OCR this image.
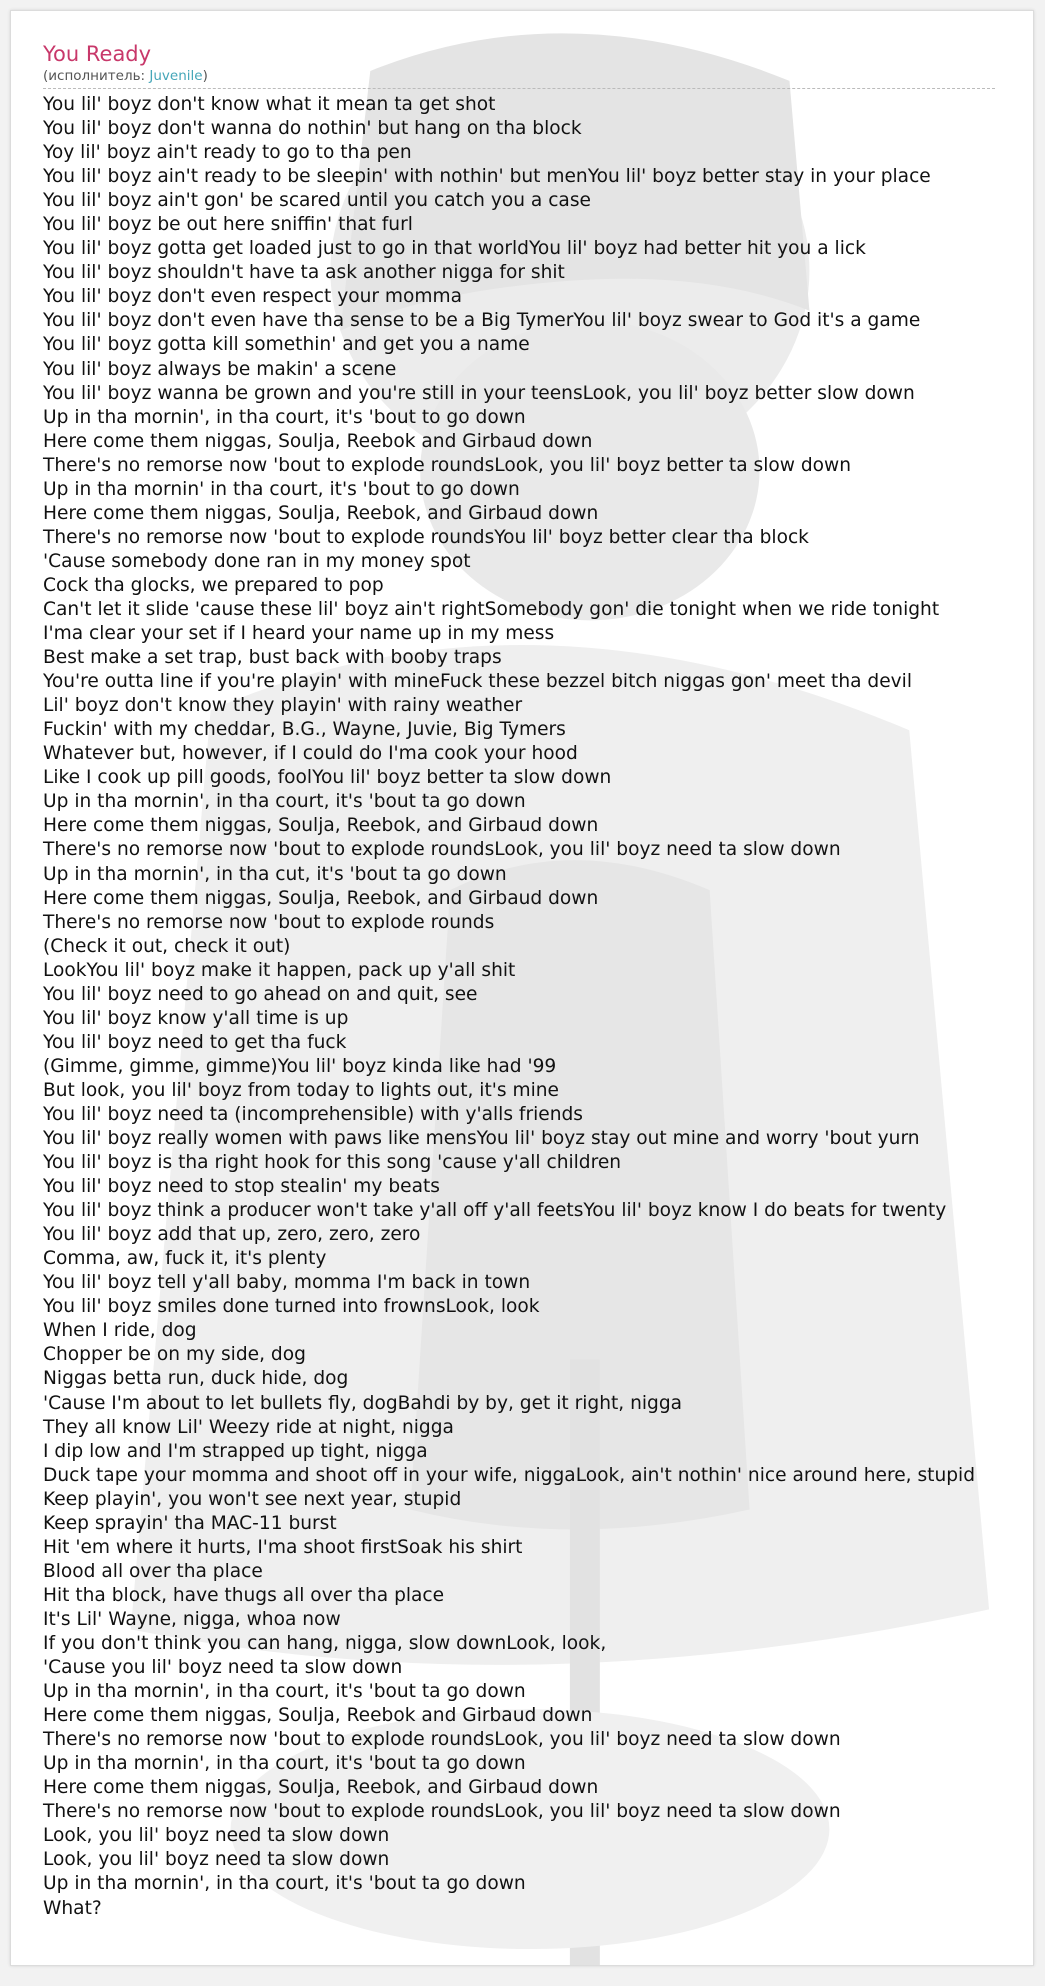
You Ready
(исполнитель: Juvenile)
You lil' boyz don't know what it mean ta get shot
You lil' boyz don't wanna do nothin' but hang on tha block
Yoy lil' boyz ain't ready to go to tha pen
You lil' boyz ain't ready to be sleepin' with nothin' but menYou lil' boyz better stay in your place
You lil' boyz ain't gon' be scared until you catch you a case
You lil' boyz be out here sniffin' that furl
You lil' boyz gotta get loaded just to go in that worldYou lil' boyz had better hit you a lick
You lil' boyz shouldn't have ta ask another nigga for shit
You lil' boyz don't even respect your momma
You lil' boyz don't even have tha sense to be a Big TymerYou lil' boyz swear to God it's a game
You lil' boyz gotta kill somethin' and get you a name
You lil' boyz always be makin' a scene
You lil' boyz wanna be grown and you're still in your teensLook, you lil' boyz better slow down
Up in tha mornin', in tha court, it's 'bout to go down
Here come them niggas, Soulja, Reebok and Girbaud down
There's no remorse now 'bout to explode roundsLook, you lil' boyz better ta slow down
Up in tha mornin' in tha court, it's 'bout to go down
Here come them niggas, Soulja, Reebok, and Girbaud down
There's no remorse now 'bout to explode roundsYou lil' boyz better clear tha block
'Cause somebody done ran in my money spot
Cock tha glocks, we prepared to pop
Can't let it slide 'cause these lil' boyz ain't rightSomebody gon' die tonight when we ride tonight
I'ma clear your set if I heard your name up in my mess
Best make a set trap, bust back with booby traps
You're outta line if you're playin' with mineFuck these bezzel bitch niggas gon' meet tha devil
Lil' boyz don't know they playin' with rainy weather
Fuckin' with my cheddar, B.G., Wayne, Juvie, Big Tymers
Whatever but, however, if I could do I'ma cook your hood
Like I cook up pill goods, foolYou lil' boyz better ta slow down
Up in tha mornin', in tha court, it's 'bout ta go down
Here come them niggas, Soulja, Reebok, and Girbaud down
There's no remorse now 'bout to explode roundsLook, you lil' boyz need ta slow down
Up in tha mornin', in tha cut, it's 'bout ta go down
Here come them niggas, Soulja, Reebok, and Girbaud down
There's no remorse now 'bout to explode rounds
(Check it out, check it out)
LookYou lil' boyz make it happen, pack up y'all shit
You lil' boyz need to go ahead on and quit, see
You lil' boyz know y'all time is up
You lil' boyz need to get tha fuck
(Gimme, gimme, gimme)You lil' boyz kinda like had '99
But look, you lil' boyz from today to lights out, it's mine
You lil' boyz need ta (incomprehensible) with y'alls friends
You lil' boyz really women with paws like mensYou lil' boyz stay out mine and worry 'bout yurn
You lil' boyz is tha right hook for this song 'cause y'all children
You lil' boyz need to stop stealin' my beats
You lil' boyz think a producer won't take y'all off y'all feetsYou lil' boyz know I do beats for twenty
You lil' boyz add that up, zero, zero, zero
Comma, aw, fuck it, it's plenty
You lil' boyz tell y'all baby, momma I'm back in town
You lil' boyz smiles done turned into frownsLook, look
When I ride, dog
Chopper be on my side, dog
Niggas betta run, duck hide, dog
'Cause I'm about to let bullets fly, dogBahdi by by, get it right, nigga
They all know Lil' Weezy ride at night, nigga
I dip low and I'm strapped up tight, nigga
Duck tape your momma and shoot off in your wife, niggaLook, ain't nothin' nice around here, stupid
Keep playin', you won't see next year, stupid
Keep sprayin' tha MAC-11 burst
Hit 'em where it hurts, I'ma shoot firstSoak his shirt
Blood all over tha place
Hit tha block, have thugs all over tha place
It's Lil' Wayne, nigga, whoa now
If you don't think you can hang, nigga, slow downLook, look,
'Cause you lil' boyz need ta slow down
Up in tha mornin', in tha court, it's 'bout ta go down
Here come them niggas, Soulja, Reebok and Girbaud down
There's no remorse now 'bout to explode roundsLook, you lil' boyz need ta slow down
Up in tha mornin', in tha court, it's 'bout ta go down
Here come them niggas, Soulja, Reebok, and Girbaud down
There's no remorse now 'bout to explode roundsLook, you lil' boyz need ta slow down
Look, you lil' boyz need ta slow down
Look, you lil' boyz need ta slow down
Up in tha mornin', in tha court, it's 'bout ta go down
What?
